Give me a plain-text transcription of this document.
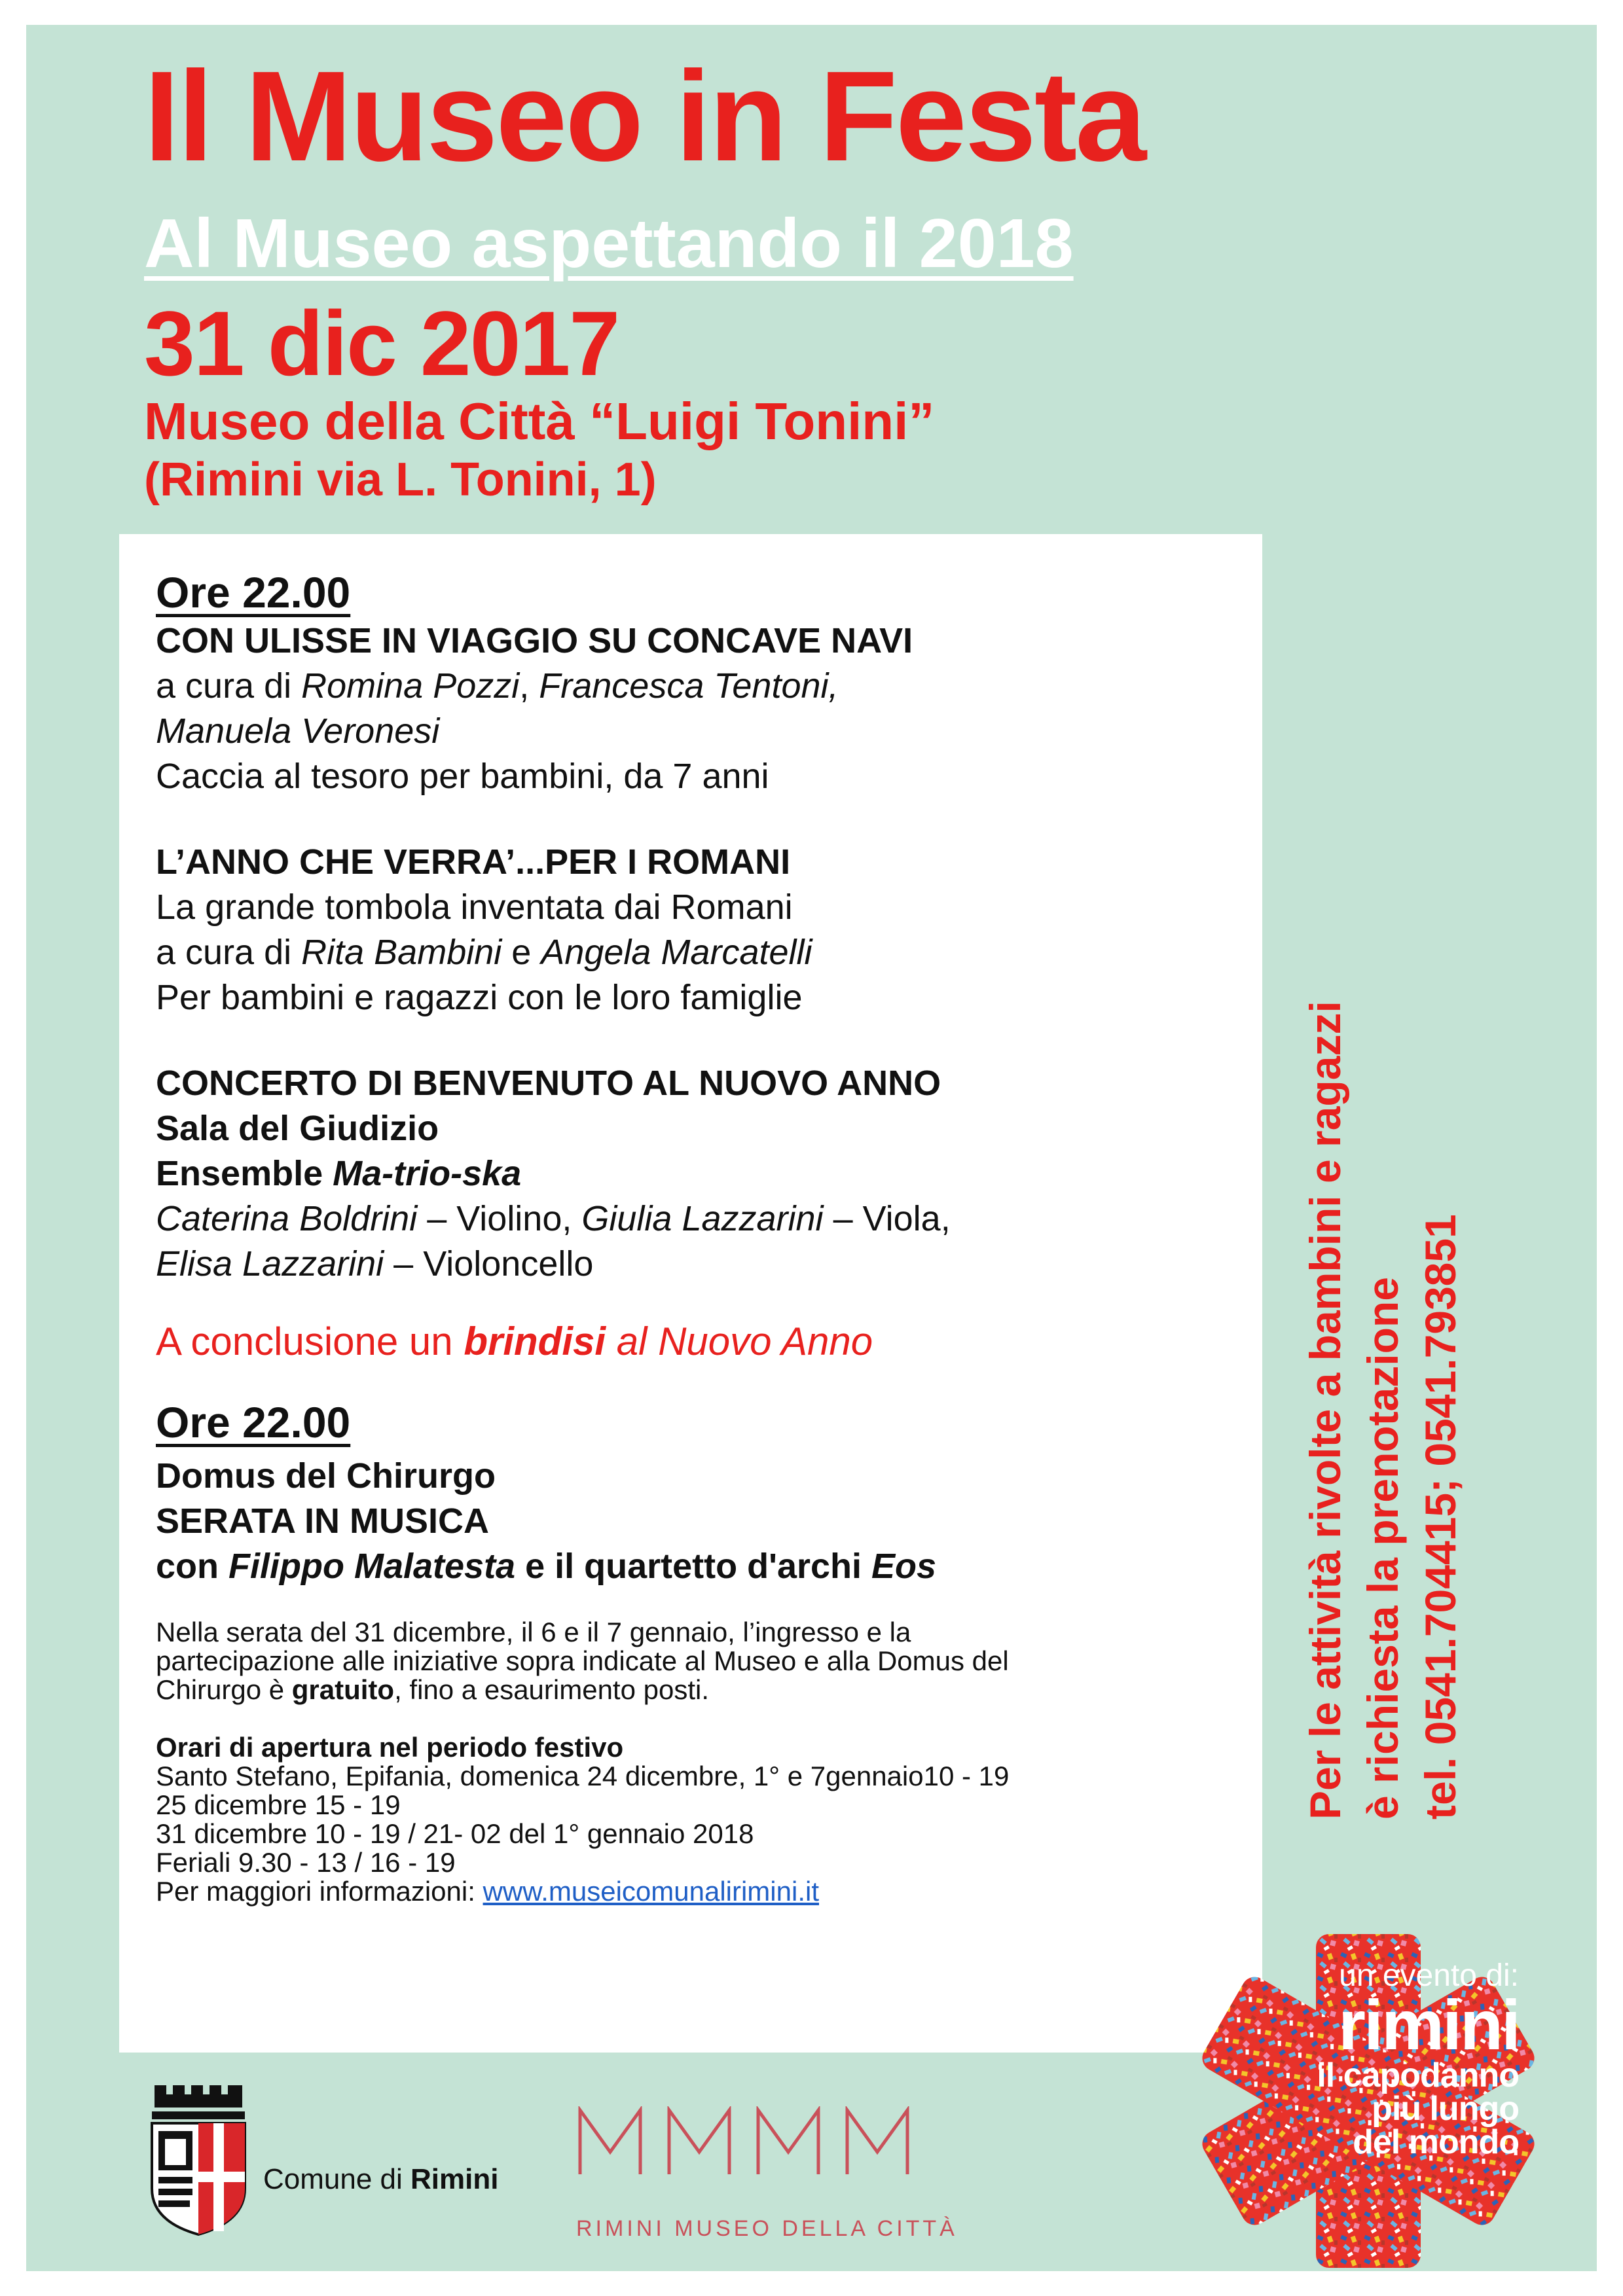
Il Museo in Festa
Al Museo aspettando il 2018
31 dic 2017
Museo della Città “Luigi Tonini”
(Rimini via L. Tonini, 1)
Ore 22.00
CON ULISSE IN VIAGGIO SU CONCAVE NAVI
a cura di Romina Pozzi, Francesca Tentoni,
Manuela Veronesi
Caccia al tesoro per bambini, da 7 anni
L’ANNO CHE VERRA’...PER I ROMANI
La grande tombola inventata dai Romani
a cura di Rita Bambini e Angela Marcatelli
Per bambini e ragazzi con le loro famiglie
CONCERTO DI BENVENUTO AL NUOVO ANNO
Sala del Giudizio
Ensemble Ma-trio-ska
Caterina Boldrini – Violino, Giulia Lazzarini – Viola,
Elisa Lazzarini – Violoncello
A conclusione un brindisi al Nuovo Anno
Ore 22.00
Domus del Chirurgo
SERATA IN MUSICA
con Filippo Malatesta e il quartetto d'archi Eos
Nella serata del 31 dicembre, il 6 e il 7 gennaio, l’ingresso e la
partecipazione alle iniziative sopra indicate al Museo e alla Domus del
Chirurgo è gratuito, fino a esaurimento posti.
Orari di apertura nel periodo festivo
Santo Stefano, Epifania, domenica 24 dicembre, 1° e 7gennaio10 - 19
25 dicembre 15 - 19
31 dicembre 10 - 19 / 21- 02 del 1° gennaio 2018
Feriali 9.30 - 13 / 16 - 19
Per maggiori informazioni: www.museicomunalirimini.it
Per le attività rivolte a bambini e ragazzi è richiesta la prenotazione tel. 0541.704415; 0541.793851
un evento di:
rimini
il capodanno
più lungo
del mondo
Comune di Rimini
RIMINI MUSEO DELLA CITTÀ
